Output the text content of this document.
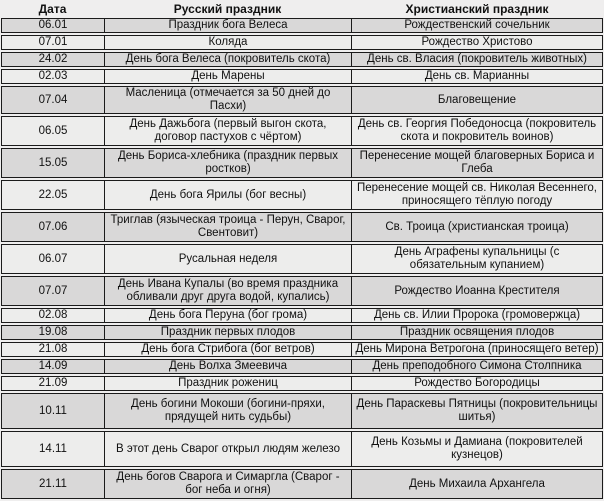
Дата	Русский праздник	Христианский праздник
06.01	Праздник бога Велеса	Рождественский сочельник
07.01	Коляда	Рождество Христово
24.02	День бога Велеса (покровитель скота)	День св. Власия (покровитель животных)
02.03	День Марены	День св. Марианны
07.04	Масленица (отмечается за 50 дней до Пасхи)	Благовещение
06.05	День Дажьбога (первый выгон скота, договор пастухов с чёртом)	День св. Георгия Победоносца (покровитель скота и покровитель воинов)
15.05	День Бориса-хлебника (праздник первых ростков)	Перенесение мощей благоверных Бориса и Глеба
22.05	День бога Ярилы (бог весны)	Перенесение мощей св. Николая Весеннего, приносящего тёплую погоду
07.06	Триглав (языческая троица - Перун, Сварог, Свентовит)	Св. Троица (христианская троица)
06.07	Русальная неделя	День Аграфены купальницы (с обязательным купанием)
07.07	День Ивана Купалы (во время праздника обливали друг друга водой, купались)	Рождество Иоанна Крестителя
02.08	День бога Перуна (бог грома)	День св. Илии Пророка (громовержца)
19.08	Праздник первых плодов	Праздник освящения плодов
21.08	День бога Стрибога (бог ветров)	День Мирона Ветрогона (приносящего ветер)
14.09	День Волха Змеевича	День преподобного Симона Столпника
21.09	Праздник рожениц	Рождество Богородицы
10.11	День богини Мокоши (богини-пряхи, прядущей нить судьбы)	День Параскевы Пятницы (покровительницы шитья)
14.11	В этот день Сварог открыл людям железо	День Козьмы и Дамиана (покровителей кузнецов)
21.11	День богов Сварога и Симаргла (Сварог - бог неба и огня)	День Михаила Архангела
